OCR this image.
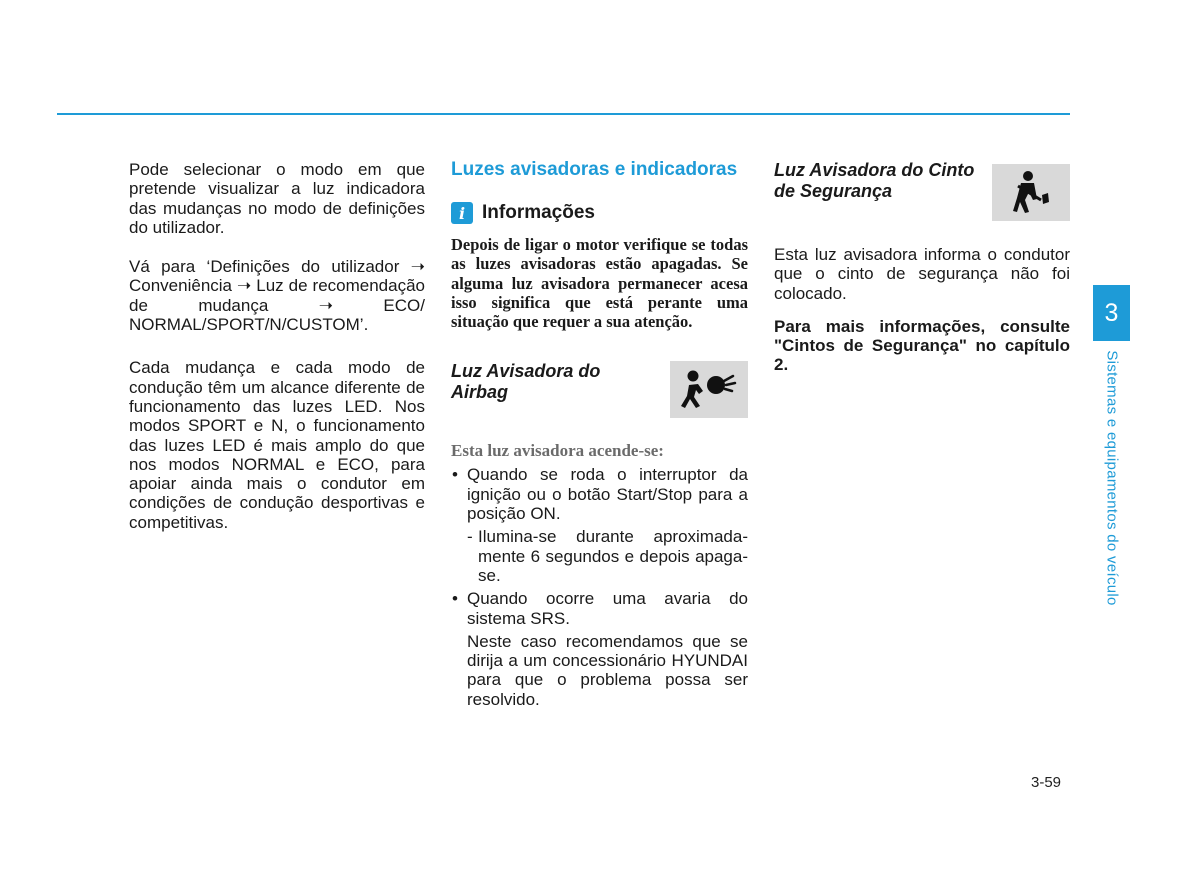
Pode selecionar o modo em que pretende visualizar a luz indicadora das mudanças no modo de definições do utilizador.

Vá para ‘Definições do utilizador ➝ Conveniência ➝ Luz de recomendação de mudança ➝ ECO/ NORMAL/SPORT/N/CUSTOM’.

Cada mudança e cada modo de condução têm um alcance diferente de funcionamento das luzes LED. Nos modos SPORT e N, o funcionamento das luzes LED é mais amplo do que nos modos NORMAL e ECO, para apoiar ainda mais o condutor em condições de condução desportivas e competitivas.

Luzes avisadoras e indicadoras
i Informações

Depois de ligar o motor verifique se todas as luzes avisadoras estão apagadas. Se alguma luz avisadora permanecer acesa isso significa que está perante uma situação que requer a sua atenção.

Luz Avisadora do Airbag

Esta luz avisadora acende-se:

• Quando se roda o interruptor da ignição ou o botão Start/Stop para a posição ON.

- Ilumina-se durante aproximada-mente 6 segundos e depois apaga-se.

• Quando ocorre uma avaria do sistema SRS.

Neste caso recomendamos que se dirija a um concessionário HYUNDAI para que o problema possa ser resolvido.

Luz Avisadora do Cinto de Segurança

Esta luz avisadora informa o condutor que o cinto de segurança não foi colocado.

Para mais informações, consulte "Cintos de Segurança" no capítulo 2.

3
Sistemas e equipamentos do veículo
3-59
